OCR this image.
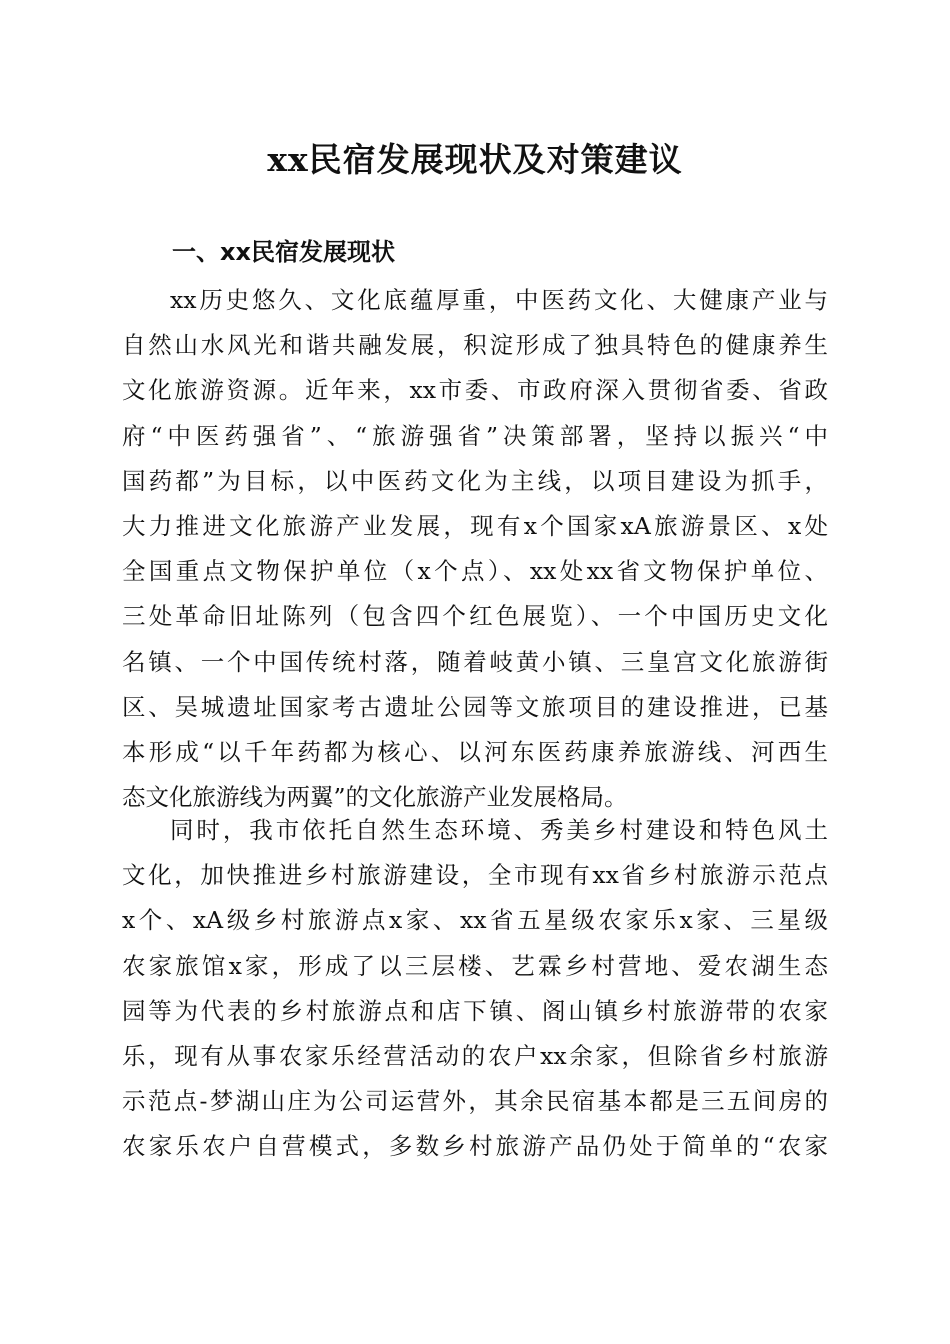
xx民宿发展现状及对策建议
一、xx民宿发展现状
xx历史悠久、文化底蕴厚重，中医药文化、大健康产业与
自然山水风光和谐共融发展，积淀形成了独具特色的健康养生
文化旅游资源。近年来，xx市委、市政府深入贯彻省委、省政
府“中医药强省”、“旅游强省”决策部署，坚持以振兴“中
国药都”为目标，以中医药文化为主线，以项目建设为抓手，
大力推进文化旅游产业发展，现有x个国家xA旅游景区、x处
全国重点文物保护单位（x个点）、xx处xx省文物保护单位、
三处革命旧址陈列（包含四个红色展览）、一个中国历史文化
名镇、一个中国传统村落，随着岐黄小镇、三皇宫文化旅游街
区、吴城遗址国家考古遗址公园等文旅项目的建设推进，已基
本形成“以千年药都为核心、以河东医药康养旅游线、河西生
态文化旅游线为两翼”的文化旅游产业发展格局。
同时，我市依托自然生态环境、秀美乡村建设和特色风土
文化，加快推进乡村旅游建设，全市现有xx省乡村旅游示范点
x个、xA级乡村旅游点x家、xx省五星级农家乐x家、三星级
农家旅馆x家，形成了以三层楼、艺霖乡村营地、爱农湖生态
园等为代表的乡村旅游点和店下镇、阁山镇乡村旅游带的农家
乐，现有从事农家乐经营活动的农户xx余家，但除省乡村旅游
示范点-梦湖山庄为公司运营外，其余民宿基本都是三五间房的
农家乐农户自营模式，多数乡村旅游产品仍处于简单的“农家
